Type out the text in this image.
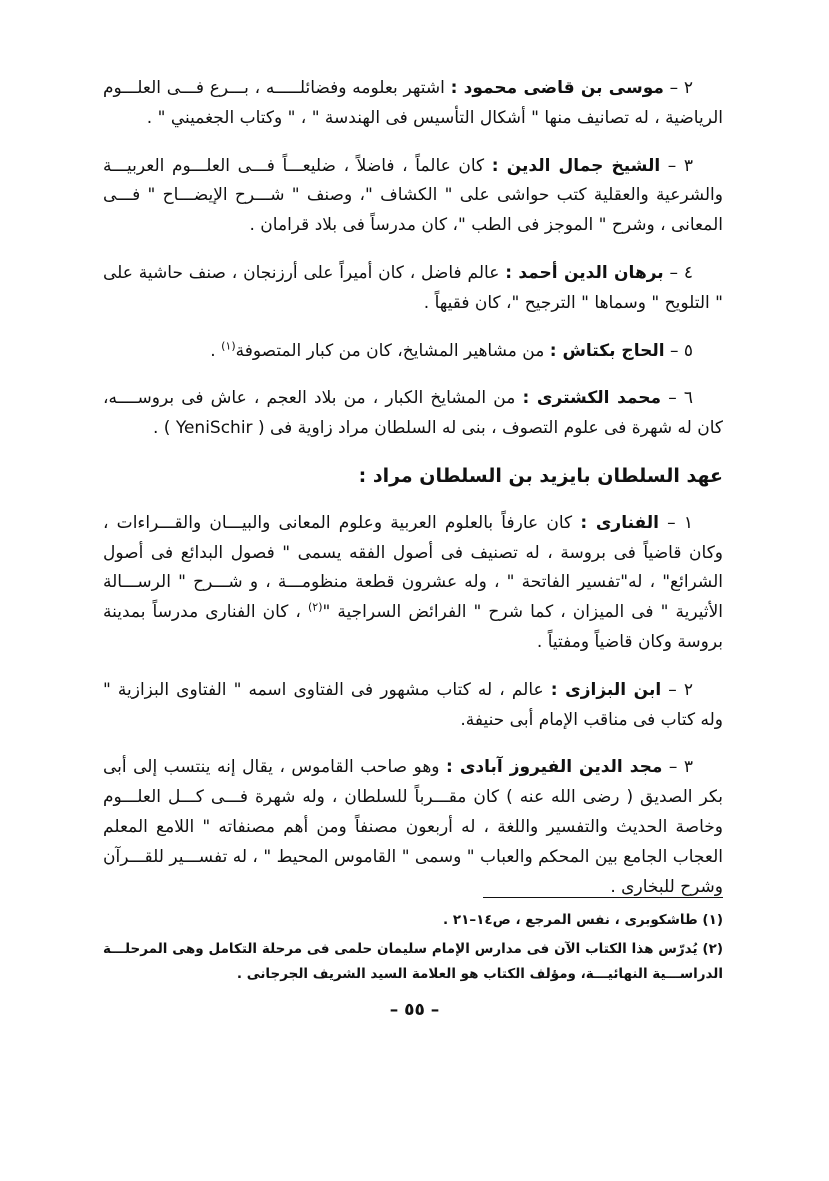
٢ – موسى بن قاضى محمود : اشتهر بعلومه وفضائلـــــه ، بـــرع فـــى العلـــوم الرياضية ، له تصانيف منها " أشكال التأسيس فى الهندسة " ، " وكتاب الجغميني " .

٣ – الشيخ جمال الدين : كان عالماً ، فاضلاً ، ضليعـــاً فـــى العلـــوم العربيـــة والشرعية والعقلية كتب حواشى على " الكشاف "، وصنف " شـــرح الإيضـــاح " فـــى المعانى ، وشرح " الموجز فى الطب "، كان مدرساً فى بلاد قرامان .

٤ – برهان الدين أحمد : عالم فاضل ، كان أميراً على أرزنجان ، صنف حاشية على " التلويح " وسماها " الترجيح "، كان فقيهاً .

٥ – الحاج بكتاش : من مشاهير المشايخ، كان من كبار المتصوفة$^{(١)}$ .

٦ – محمد الكشترى : من المشايخ الكبار ، من بلاد العجم ، عاش فى بروســــه، كان له شهرة فى علوم التصوف ، بنى له السلطان مراد زاوية فى ( YeniSchir ) .

عهد السلطان بايزيد بن السلطان مراد :

١ – الفنارى : كان عارفاً بالعلوم العربية وعلوم المعانى والبيـــان والقـــراءات ، وكان قاضياً فى بروسة ، له تصنيف فى أصول الفقه يسمى " فصول البدائع فى أصول الشرائع" ، له"تفسير الفاتحة " ، وله عشرون قطعة منظومـــة ، و شـــرح " الرســـالة الأثيرية " فى الميزان ، كما شرح " الفرائض السراجية "$^{(٢)}$ ، كان الفنارى مدرساً بمدينة بروسة وكان قاضياً ومفتياً .

٢ – ابن البزازى : عالم ، له كتاب مشهور فى الفتاوى اسمه " الفتاوى البزازية " وله كتاب فى مناقب الإمام أبى حنيفة.

٣ – مجد الدين الفيروز آبادى : وهو صاحب القاموس ، يقال إنه ينتسب إلى أبى بكر الصديق ( رضى الله عنه ) كان مقـــرباً للسلطان ، وله شهرة فـــى كـــل العلـــوم وخاصة الحديث والتفسير واللغة ، له أربعون مصنفاً ومن أهم مصنفاته " اللامع المعلم العجاب الجامع بين المحكم والعباب " وسمى " القاموس المحيط " ، له تفســـير للقـــرآن وشرح للبخارى .

(١) طاشكوبرى ، نفس المرجع ، ص١٤–٢١ .

(٢) يُدرّس هذا الكتاب الآن فى مدارس الإمام سليمان حلمى فى مرحلة التكامل وهى المرحلـــة الدراســـية النهائيـــة، ومؤلف الكتاب هو العلامة السيد الشريف الجرجانى .

– ٥٥ –
